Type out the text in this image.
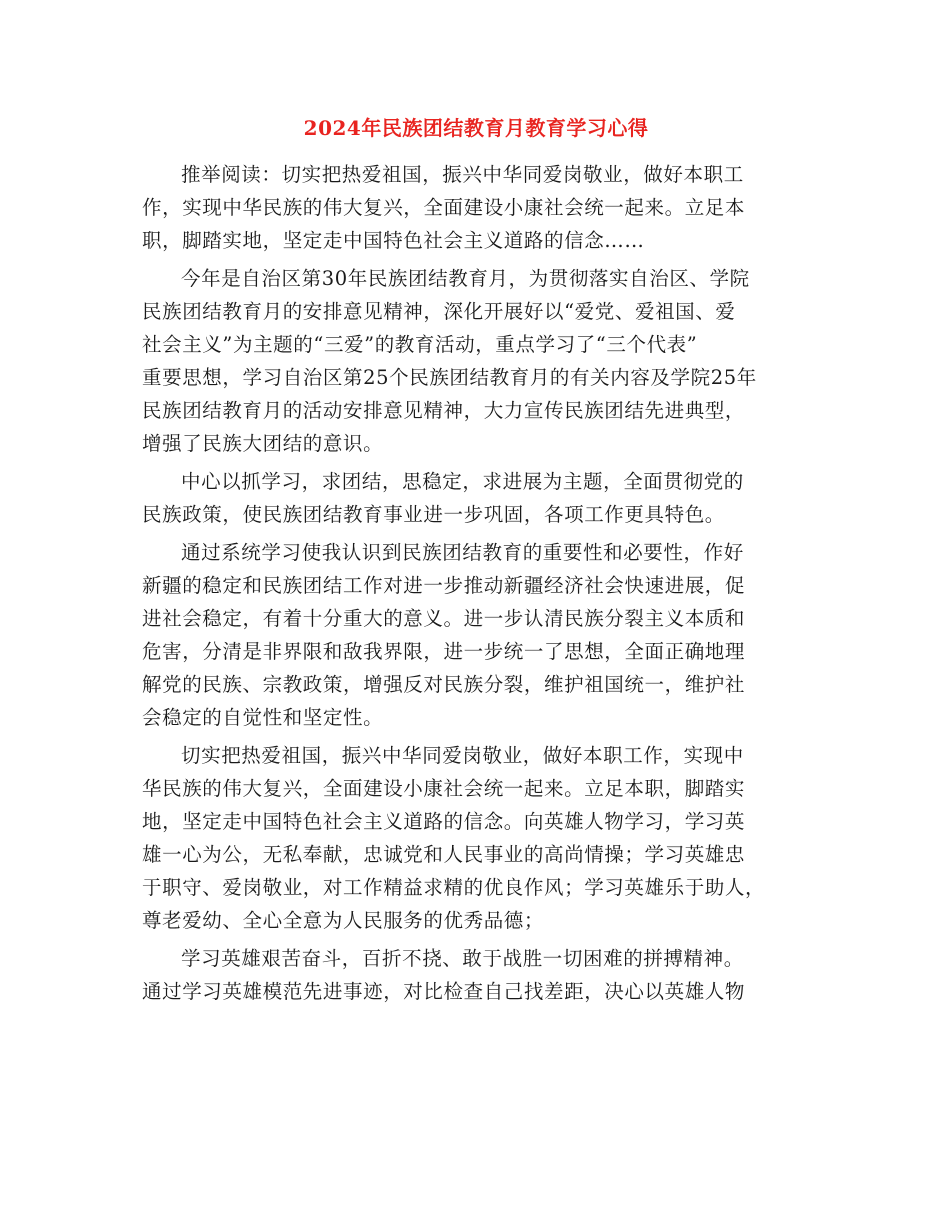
2024年民族团结教育月教育学习心得
推举阅读：切实把热爱祖国，振兴中华同爱岗敬业，做好本职工
作，实现中华民族的伟大复兴，全面建设小康社会统一起来。立足本
职，脚踏实地，坚定走中国特色社会主义道路的信念……
今年是自治区第30年民族团结教育月，为贯彻落实自治区、学院
民族团结教育月的安排意见精神，深化开展好以“爱党、爱祖国、爱
社会主义”为主题的“三爱”的教育活动，重点学习了“三个代表”
重要思想，学习自治区第25个民族团结教育月的有关内容及学院25年
民族团结教育月的活动安排意见精神，大力宣传民族团结先进典型，
增强了民族大团结的意识。
中心以抓学习，求团结，思稳定，求进展为主题，全面贯彻党的
民族政策，使民族团结教育事业进一步巩固，各项工作更具特色。
通过系统学习使我认识到民族团结教育的重要性和必要性，作好
新疆的稳定和民族团结工作对进一步推动新疆经济社会快速进展，促
进社会稳定，有着十分重大的意义。进一步认清民族分裂主义本质和
危害，分清是非界限和敌我界限，进一步统一了思想，全面正确地理
解党的民族、宗教政策，增强反对民族分裂，维护祖国统一，维护社
会稳定的自觉性和坚定性。
切实把热爱祖国，振兴中华同爱岗敬业，做好本职工作，实现中
华民族的伟大复兴，全面建设小康社会统一起来。立足本职，脚踏实
地，坚定走中国特色社会主义道路的信念。向英雄人物学习，学习英
雄一心为公，无私奉献，忠诚党和人民事业的高尚情操；学习英雄忠
于职守、爱岗敬业，对工作精益求精的优良作风；学习英雄乐于助人，
尊老爱幼、全心全意为人民服务的优秀品德；
学习英雄艰苦奋斗，百折不挠、敢于战胜一切困难的拼搏精神。
通过学习英雄模范先进事迹，对比检查自己找差距，决心以英雄人物
